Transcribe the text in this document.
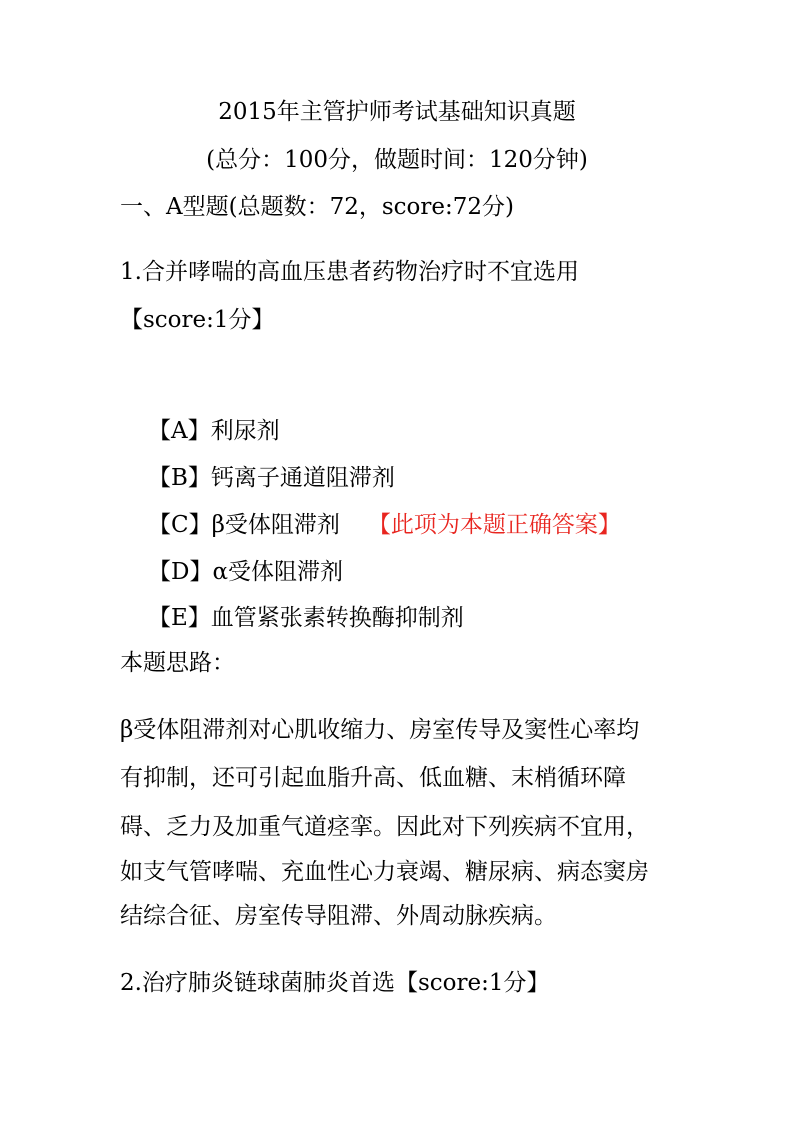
2015年主管护师考试基础知识真题
(总分：100分，做题时间：120分钟)
一、A型题(总题数：72，score:72分)
1.合并哮喘的高血压患者药物治疗时不宜选用
【score:1分】
【A】利尿剂
【B】钙离子通道阻滞剂
【C】β受体阻滞剂 【此项为本题正确答案】
【D】α受体阻滞剂
【E】血管紧张素转换酶抑制剂
本题思路：
β受体阻滞剂对心肌收缩力、房室传导及窦性心率均
有抑制，还可引起血脂升高、低血糖、末梢循环障
碍、乏力及加重气道痉挛。因此对下列疾病不宜用，
如支气管哮喘、充血性心力衰竭、糖尿病、病态窦房
结综合征、房室传导阻滞、外周动脉疾病。
2.治疗肺炎链球菌肺炎首选【score:1分】
